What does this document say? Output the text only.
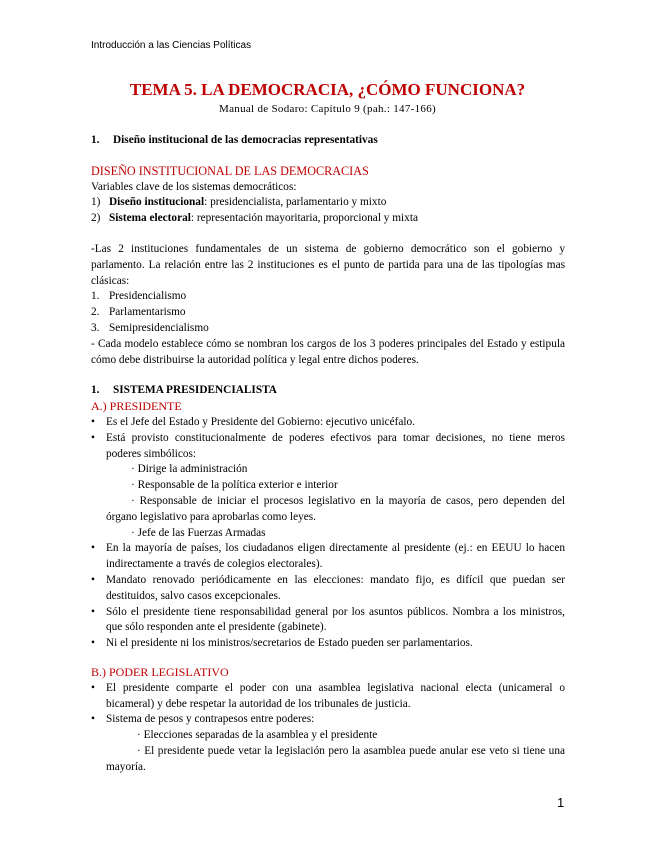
Introducción a las Ciencias Políticas
TEMA 5. LA DEMOCRACIA, ¿CÓMO FUNCIONA?
Manual de Sodaro: Capítulo 9 (pah.: 147-166)
1. Diseño institucional de las democracias representativas
DISEÑO INSTITUCIONAL DE LAS DEMOCRACIAS
Variables clave de los sistemas democráticos:
1) Diseño institucional: presidencialista, parlamentario y mixto
2) Sistema electoral: representación mayoritaria, proporcional y mixta
-Las 2 instituciones fundamentales de un sistema de gobierno democrático son el gobierno y parlamento. La relación entre las 2 instituciones es el punto de partida para una de las tipologías mas clásicas:
1. Presidencialismo
2. Parlamentarismo
3. Semipresidencialismo
- Cada modelo establece cómo se nombran los cargos de los 3 poderes principales del Estado y estipula cómo debe distribuirse la autoridad política y legal entre dichos poderes.
1. SISTEMA PRESIDENCIALISTA
A.) PRESIDENTE
• Es el Jefe del Estado y Presidente del Gobierno: ejecutivo unicéfalo.
• Está provisto constitucionalmente de poderes efectivos para tomar decisiones, no tiene meros poderes simbólicos:
· Dirige la administración
· Responsable de la política exterior e interior
· Responsable de iniciar el procesos legislativo en la mayoría de casos, pero dependen del órgano legislativo para aprobarlas como leyes.
· Jefe de las Fuerzas Armadas
• En la mayoría de países, los ciudadanos eligen directamente al presidente (ej.: en EEUU lo hacen indirectamente a través de colegios electorales).
• Mandato renovado periódicamente en las elecciones: mandato fijo, es difícil que puedan ser destituidos, salvo casos excepcionales.
• Sólo el presidente tiene responsabilidad general por los asuntos públicos. Nombra a los ministros, que sólo responden ante el presidente (gabinete).
• Ni el presidente ni los ministros/secretarios de Estado pueden ser parlamentarios.
B.) PODER LEGISLATIVO
• El presidente comparte el poder con una asamblea legislativa nacional electa (unicameral o bicameral) y debe respetar la autoridad de los tribunales de justicia.
• Sistema de pesos y contrapesos entre poderes:
· Elecciones separadas de la asamblea y el presidente
· El presidente puede vetar la legislación pero la asamblea puede anular ese veto si tiene una mayoría.
1
